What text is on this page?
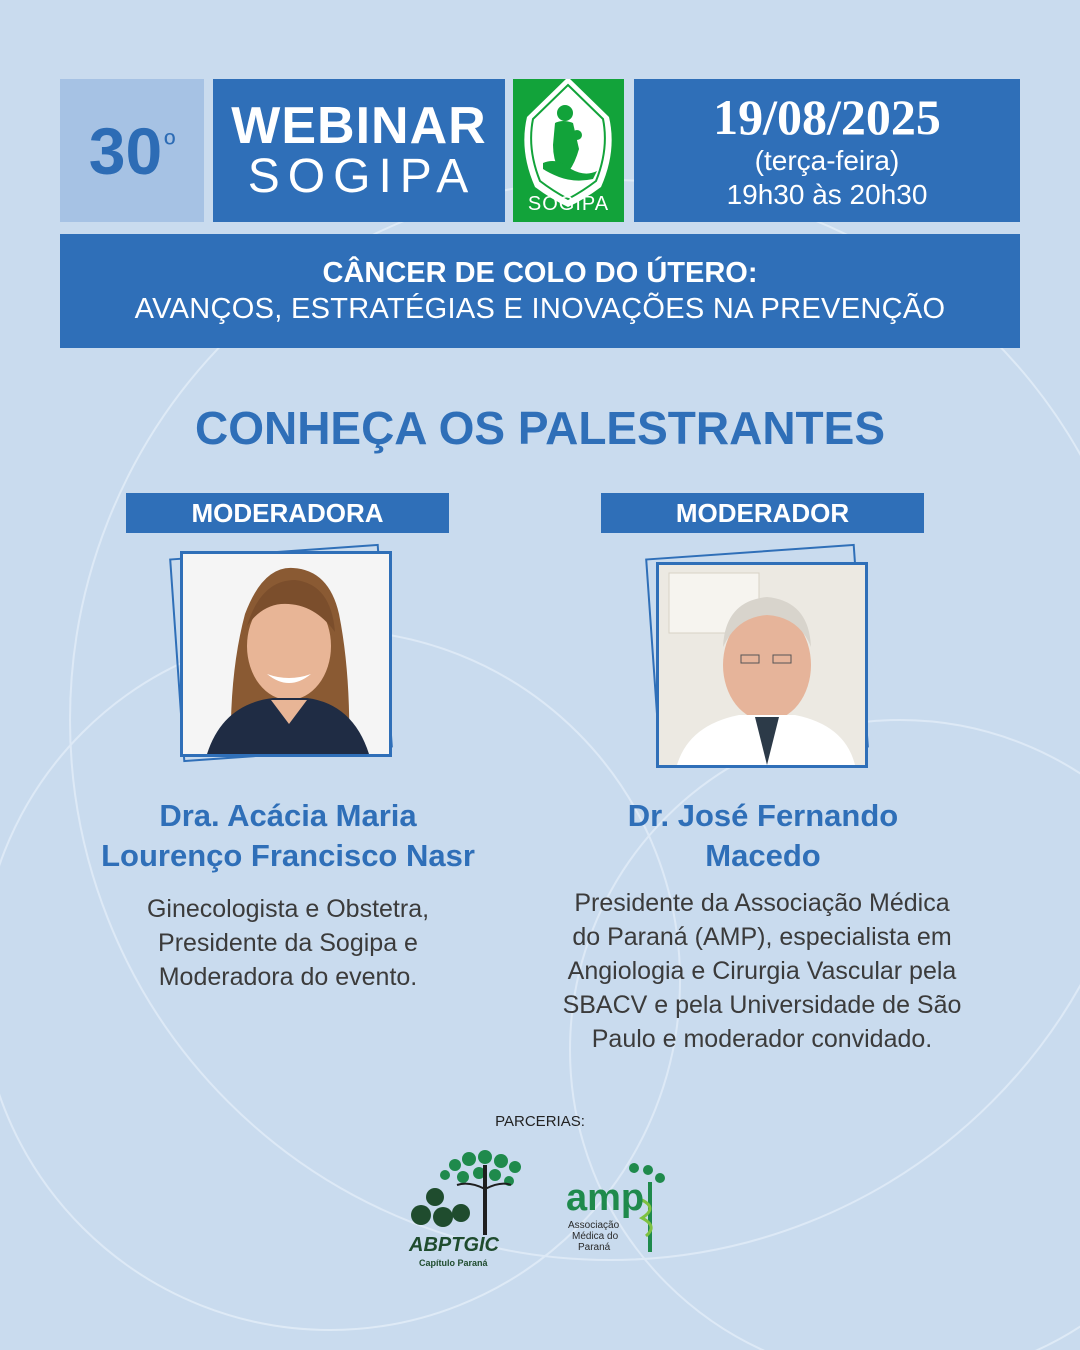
$30^º$ WEBINAR
SOGIPA
SOGIPA
19/08/2025
(terça-feira)
19h30 às 20h30
CÂNCER DE COLO DO ÚTERO:
AVANÇOS, ESTRATÉGIAS E INOVAÇÕES NA PREVENÇÃO
CONHEÇA OS PALESTRANTES
MODERADORA
Dra. Acácia Maria
Lourenço Francisco Nasr
Ginecologista e Obstetra,
Presidente da Sogipa e
Moderadora do evento.
MODERADOR
Dr. José Fernando
Macedo
Presidente da Associação Médica
do Paraná (AMP), especialista em
Angiologia e Cirurgia Vascular pela
SBACV e pela Universidade de São
Paulo e moderador convidado.
PARCERIAS:
ABPTGIC
Capítulo Paraná
amp
Associação
Médica do
Paraná
